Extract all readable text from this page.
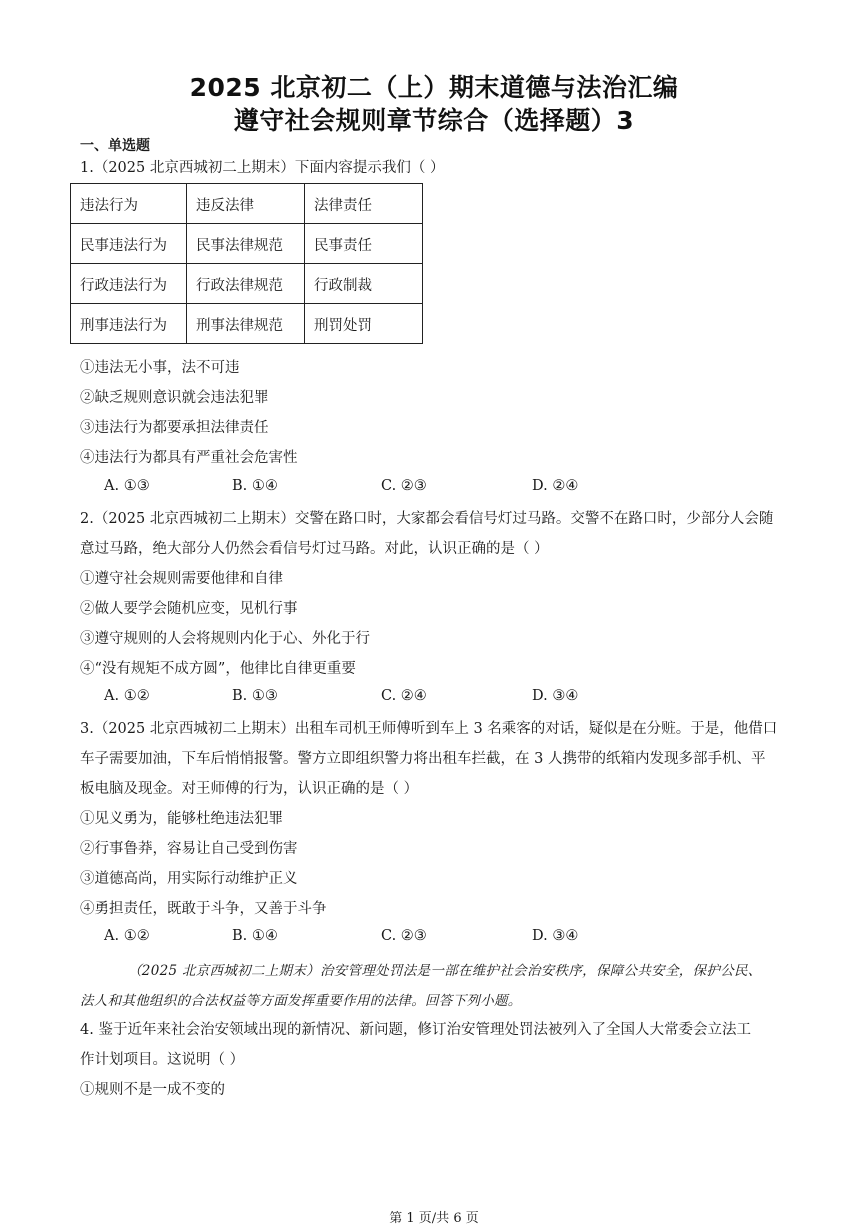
2025 北京初二（上）期末道德与法治汇编
遵守社会规则章节综合（选择题）3
一、单选题
1.（2025 北京西城初二上期末）下面内容提示我们（ ）
违法行为	违反法律	法律责任
民事违法行为	民事法律规范	民事责任
行政违法行为	行政法律规范	行政制裁
刑事违法行为	刑事法律规范	刑罚处罚
①违法无小事，法不可违
②缺乏规则意识就会违法犯罪
③违法行为都要承担法律责任
④违法行为都具有严重社会危害性
A. ①③	B. ①④	C. ②③	D. ②④
2.（2025 北京西城初二上期末）交警在路口时，大家都会看信号灯过马路。交警不在路口时，少部分人会随
意过马路，绝大部分人仍然会看信号灯过马路。对此，认识正确的是（ ）
①遵守社会规则需要他律和自律
②做人要学会随机应变，见机行事
③遵守规则的人会将规则内化于心、外化于行
④“没有规矩不成方圆”，他律比自律更重要
A. ①②	B. ①③	C. ②④	D. ③④
3.（2025 北京西城初二上期末）出租车司机王师傅听到车上 3 名乘客的对话，疑似是在分赃。于是，他借口
车子需要加油，下车后悄悄报警。警方立即组织警力将出租车拦截，在 3 人携带的纸箱内发现多部手机、平
板电脑及现金。对王师傅的行为，认识正确的是（ ）
①见义勇为，能够杜绝违法犯罪
②行事鲁莽，容易让自己受到伤害
③道德高尚，用实际行动维护正义
④勇担责任，既敢于斗争，又善于斗争
A. ①②	B. ①④	C. ②③	D. ③④
（2025 北京西城初二上期末）治安管理处罚法是一部在维护社会治安秩序，保障公共安全，保护公民、
法人和其他组织的合法权益等方面发挥重要作用的法律。回答下列小题。
4. 鉴于近年来社会治安领域出现的新情况、新问题，修订治安管理处罚法被列入了全国人大常委会立法工
作计划项目。这说明（ ）
①规则不是一成不变的
第 1 页/共 6 页
